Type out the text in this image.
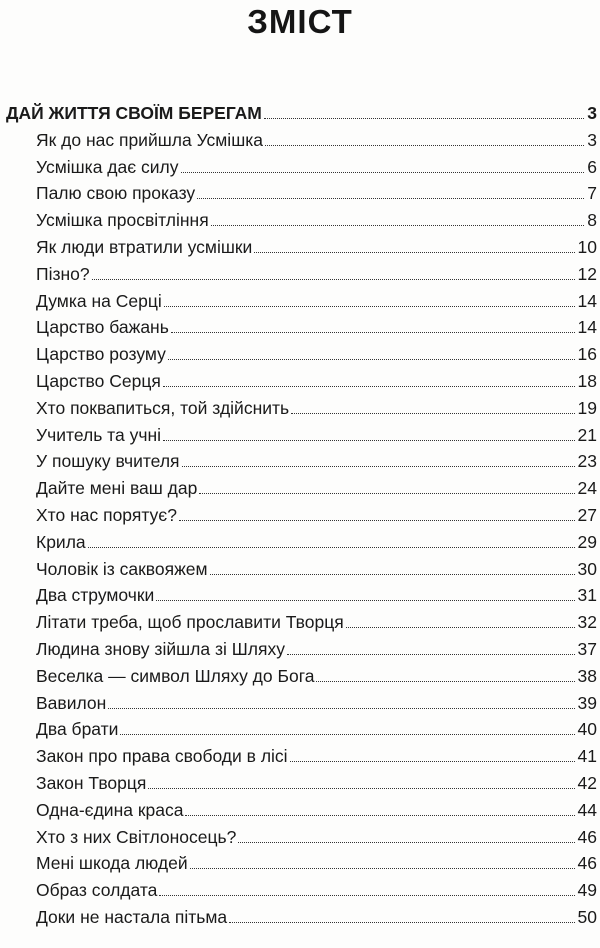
ЗМІСТ
ДАЙ ЖИТТЯ СВОЇМ БЕРЕГАМ	3
Як до нас прийшла Усмішка	3
Усмішка дає силу	6
Палю свою проказу	7
Усмішка просвітління	8
Як люди втратили усмішки	10
Пізно?	12
Думка на Серці	14
Царство бажань	14
Царство розуму	16
Царство Серця	18
Хто поквапиться, той здійснить	19
Учитель та учні	21
У пошуку вчителя	23
Дайте мені ваш дар	24
Хто нас порятує?	27
Крила	29
Чоловік із саквояжем	30
Два струмочки	31
Літати треба, щоб прославити Творця	32
Людина знову зійшла зі Шляху	37
Веселка — символ Шляху до Бога	38
Вавилон	39
Два брати	40
Закон про права свободи в лісі	41
Закон Творця	42
Одна-єдина краса	44
Хто з них Світлоносець?	46
Мені шкода людей	46
Образ солдата	49
Доки не настала пітьма	50
